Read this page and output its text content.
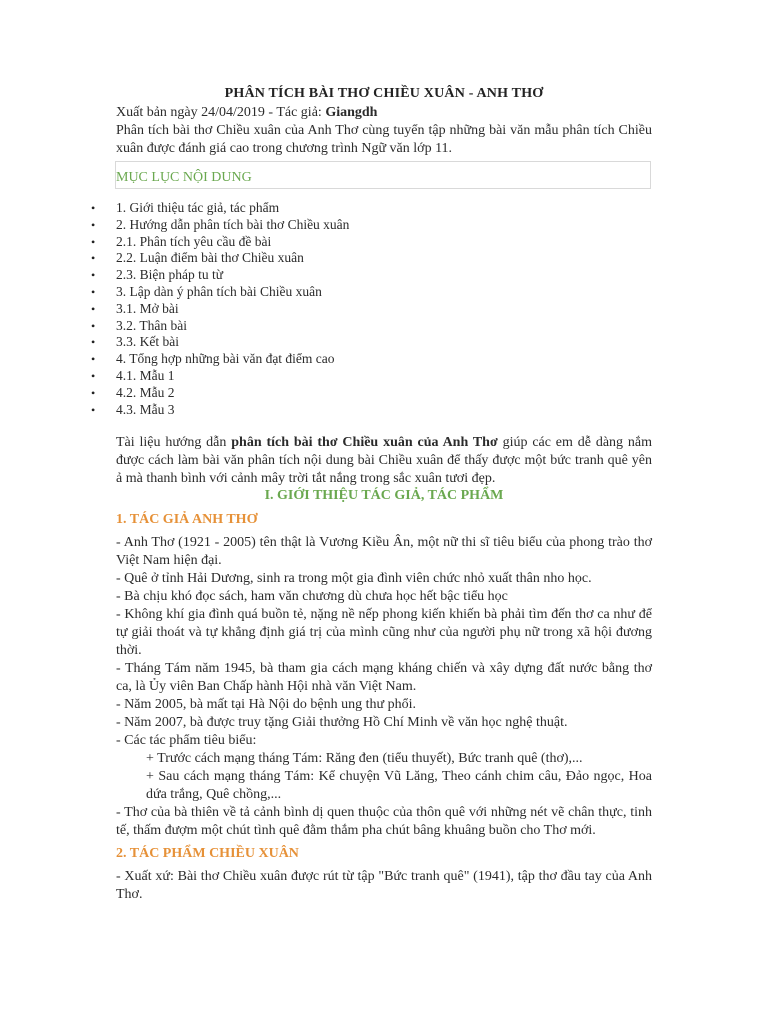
PHÂN TÍCH BÀI THƠ CHIỀU XUÂN - ANH THƠ

Xuất bản ngày 24/04/2019 - Tác giả: Giangdh

Phân tích bài thơ Chiều xuân của Anh Thơ cùng tuyển tập những bài văn mẫu phân tích Chiều xuân được đánh giá cao trong chương trình Ngữ văn lớp 11.

MỤC LỤC NỘI DUNG
• 1. Giới thiệu tác giả, tác phẩm
• 2. Hướng dẫn phân tích bài thơ Chiều xuân
• 2.1. Phân tích yêu cầu đề bài
• 2.2. Luận điểm bài thơ Chiều xuân
• 2.3. Biện pháp tu từ
• 3. Lập dàn ý phân tích bài Chiều xuân
• 3.1. Mở bài
• 3.2. Thân bài
• 3.3. Kết bài
• 4. Tổng hợp những bài văn đạt điểm cao
• 4.1. Mẫu 1
• 4.2. Mẫu 2
• 4.3. Mẫu 3

Tài liệu hướng dẫn phân tích bài thơ Chiều xuân của Anh Thơ giúp các em dễ dàng nắm được cách làm bài văn phân tích nội dung bài Chiều xuân để thấy được một bức tranh quê yên ả mà thanh bình với cảnh mây trời tắt nắng trong sắc xuân tươi đẹp.

I. GIỚI THIỆU TÁC GIẢ, TÁC PHẨM

1. TÁC GIẢ ANH THƠ

- Anh Thơ (1921 - 2005) tên thật là Vương Kiều Ân, một nữ thi sĩ tiêu biểu của phong trào thơ Việt Nam hiện đại.

- Quê ở tỉnh Hải Dương, sinh ra trong một gia đình viên chức nhỏ xuất thân nho học.

- Bà chịu khó đọc sách, ham văn chương dù chưa học hết bậc tiểu học

- Không khí gia đình quá buồn tẻ, nặng nề nếp phong kiến khiến bà phải tìm đến thơ ca như để tự giải thoát và tự khẳng định giá trị của mình cũng như của người phụ nữ trong xã hội đương thời.

- Tháng Tám năm 1945, bà tham gia cách mạng kháng chiến và xây dựng đất nước bằng thơ ca, là Ủy viên Ban Chấp hành Hội nhà văn Việt Nam.

- Năm 2005, bà mất tại Hà Nội do bệnh ung thư phổi.

- Năm 2007, bà được truy tặng Giải thưởng Hồ Chí Minh về văn học nghệ thuật.

- Các tác phẩm tiêu biểu:

+ Trước cách mạng tháng Tám: Răng đen (tiểu thuyết), Bức tranh quê (thơ),...

+ Sau cách mạng tháng Tám: Kể chuyện Vũ Lăng, Theo cánh chim câu, Đảo ngọc, Hoa dứa trắng, Quê chồng,...

- Thơ của bà thiên về tả cảnh bình dị quen thuộc của thôn quê với những nét vẽ chân thực, tinh tế, thấm đượm một chút tình quê đằm thắm pha chút bâng khuâng buồn cho Thơ mới.

2. TÁC PHẨM CHIỀU XUÂN

- Xuất xứ: Bài thơ Chiều xuân được rút từ tập "Bức tranh quê" (1941), tập thơ đầu tay của Anh Thơ.
